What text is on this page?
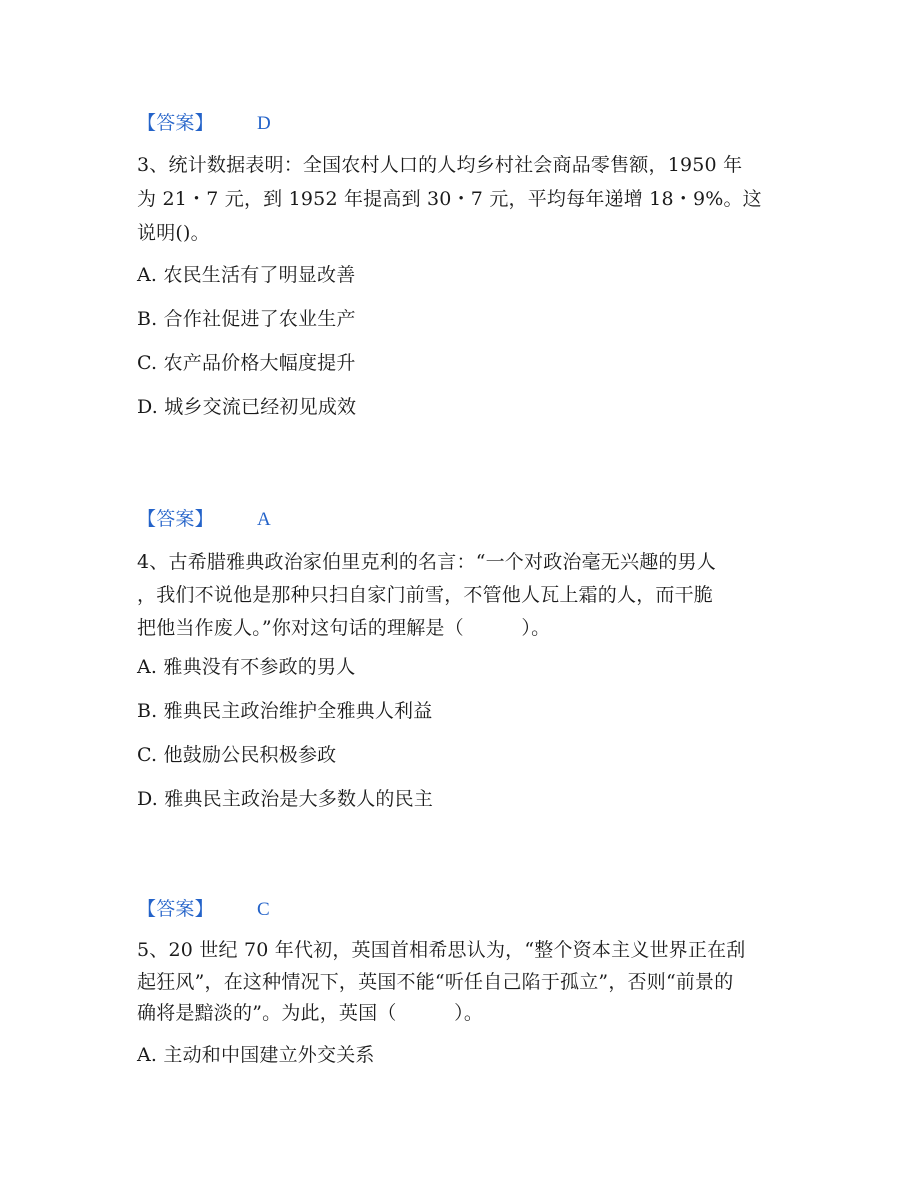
【答案】 D
3、统计数据表明：全国农村人口的人均乡村社会商品零售额，1950 年
为 21・7 元，到 1952 年提高到 30・7 元，平均每年递增 18・9%。这
说明()。
A. 农民生活有了明显改善
B. 合作社促进了农业生产
C. 农产品价格大幅度提升
D. 城乡交流已经初见成效
【答案】 A
4、古希腊雅典政治家伯里克利的名言：“一个对政治毫无兴趣的男人
，我们不说他是那种只扫自家门前雪，不管他人瓦上霜的人，而干脆
把他当作废人。”你对这句话的理解是（　　　）。
A. 雅典没有不参政的男人
B. 雅典民主政治维护全雅典人利益
C. 他鼓励公民积极参政
D. 雅典民主政治是大多数人的民主
【答案】 C
5、20 世纪 70 年代初，英国首相希思认为，“整个资本主义世界正在刮
起狂风”，在这种情况下，英国不能“听任自己陷于孤立”，否则“前景的
确将是黯淡的”。为此，英国（　　　）。
A. 主动和中国建立外交关系
